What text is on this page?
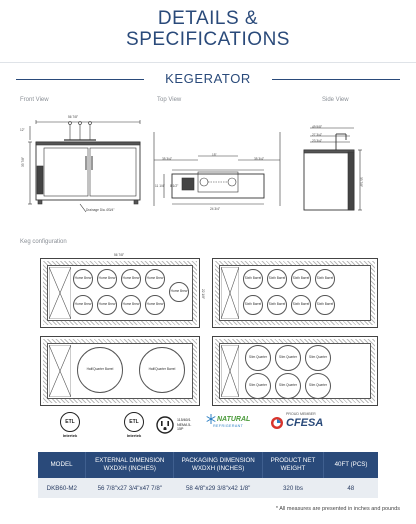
DETAILS &
SPECIFICATIONS
KEGERATOR
Front View	Top View	Side View
56 7/8"
33 7/8"
12"
Drainage Dia. Ø3/4"
35 3/4"
15"
35 3/4"
11 1/4" 8 1/2"
24 3/4"
49 5/8"
27 3/4"
23 3/4"
33 7/8"
Keg configuration
Home Brew	Home Brew	Home Brew	Home Brew
Home Brew	Home Brew	Home Brew	Home Brew
Home Brew
56 7/8"
22 1/8"
Sixth Barrel	Sixth Barrel	Sixth Barrel	Sixth Barrel
Sixth Barrel	Sixth Barrel	Sixth Barrel	Sixth Barrel
Half/Quarter Barrel	Half/Quarter Barrel
Slim Quarter	Slim Quarter	Slim Quarter
Slim Quarter	Slim Quarter	Slim Quarter
ETL
Intertek
ETL
Intertek
115/60/1 NEMA 5-15P
NATURAL
REFRIGERANT
PROUD MEMBER
CFESA
MODEL	EXTERNAL DIMENSION WXDXH (INCHES)	PACKAGING DIMENSION WXDXH (INCHES)	PRODUCT NET WEIGHT	40FT (PCS)
DKB60-M2	56 7/8"x27 3/4"x47 7/8"	58 4/8"x29 3/8"x42 1/8"	320 lbs	48
* All measures are presented in inches and pounds
